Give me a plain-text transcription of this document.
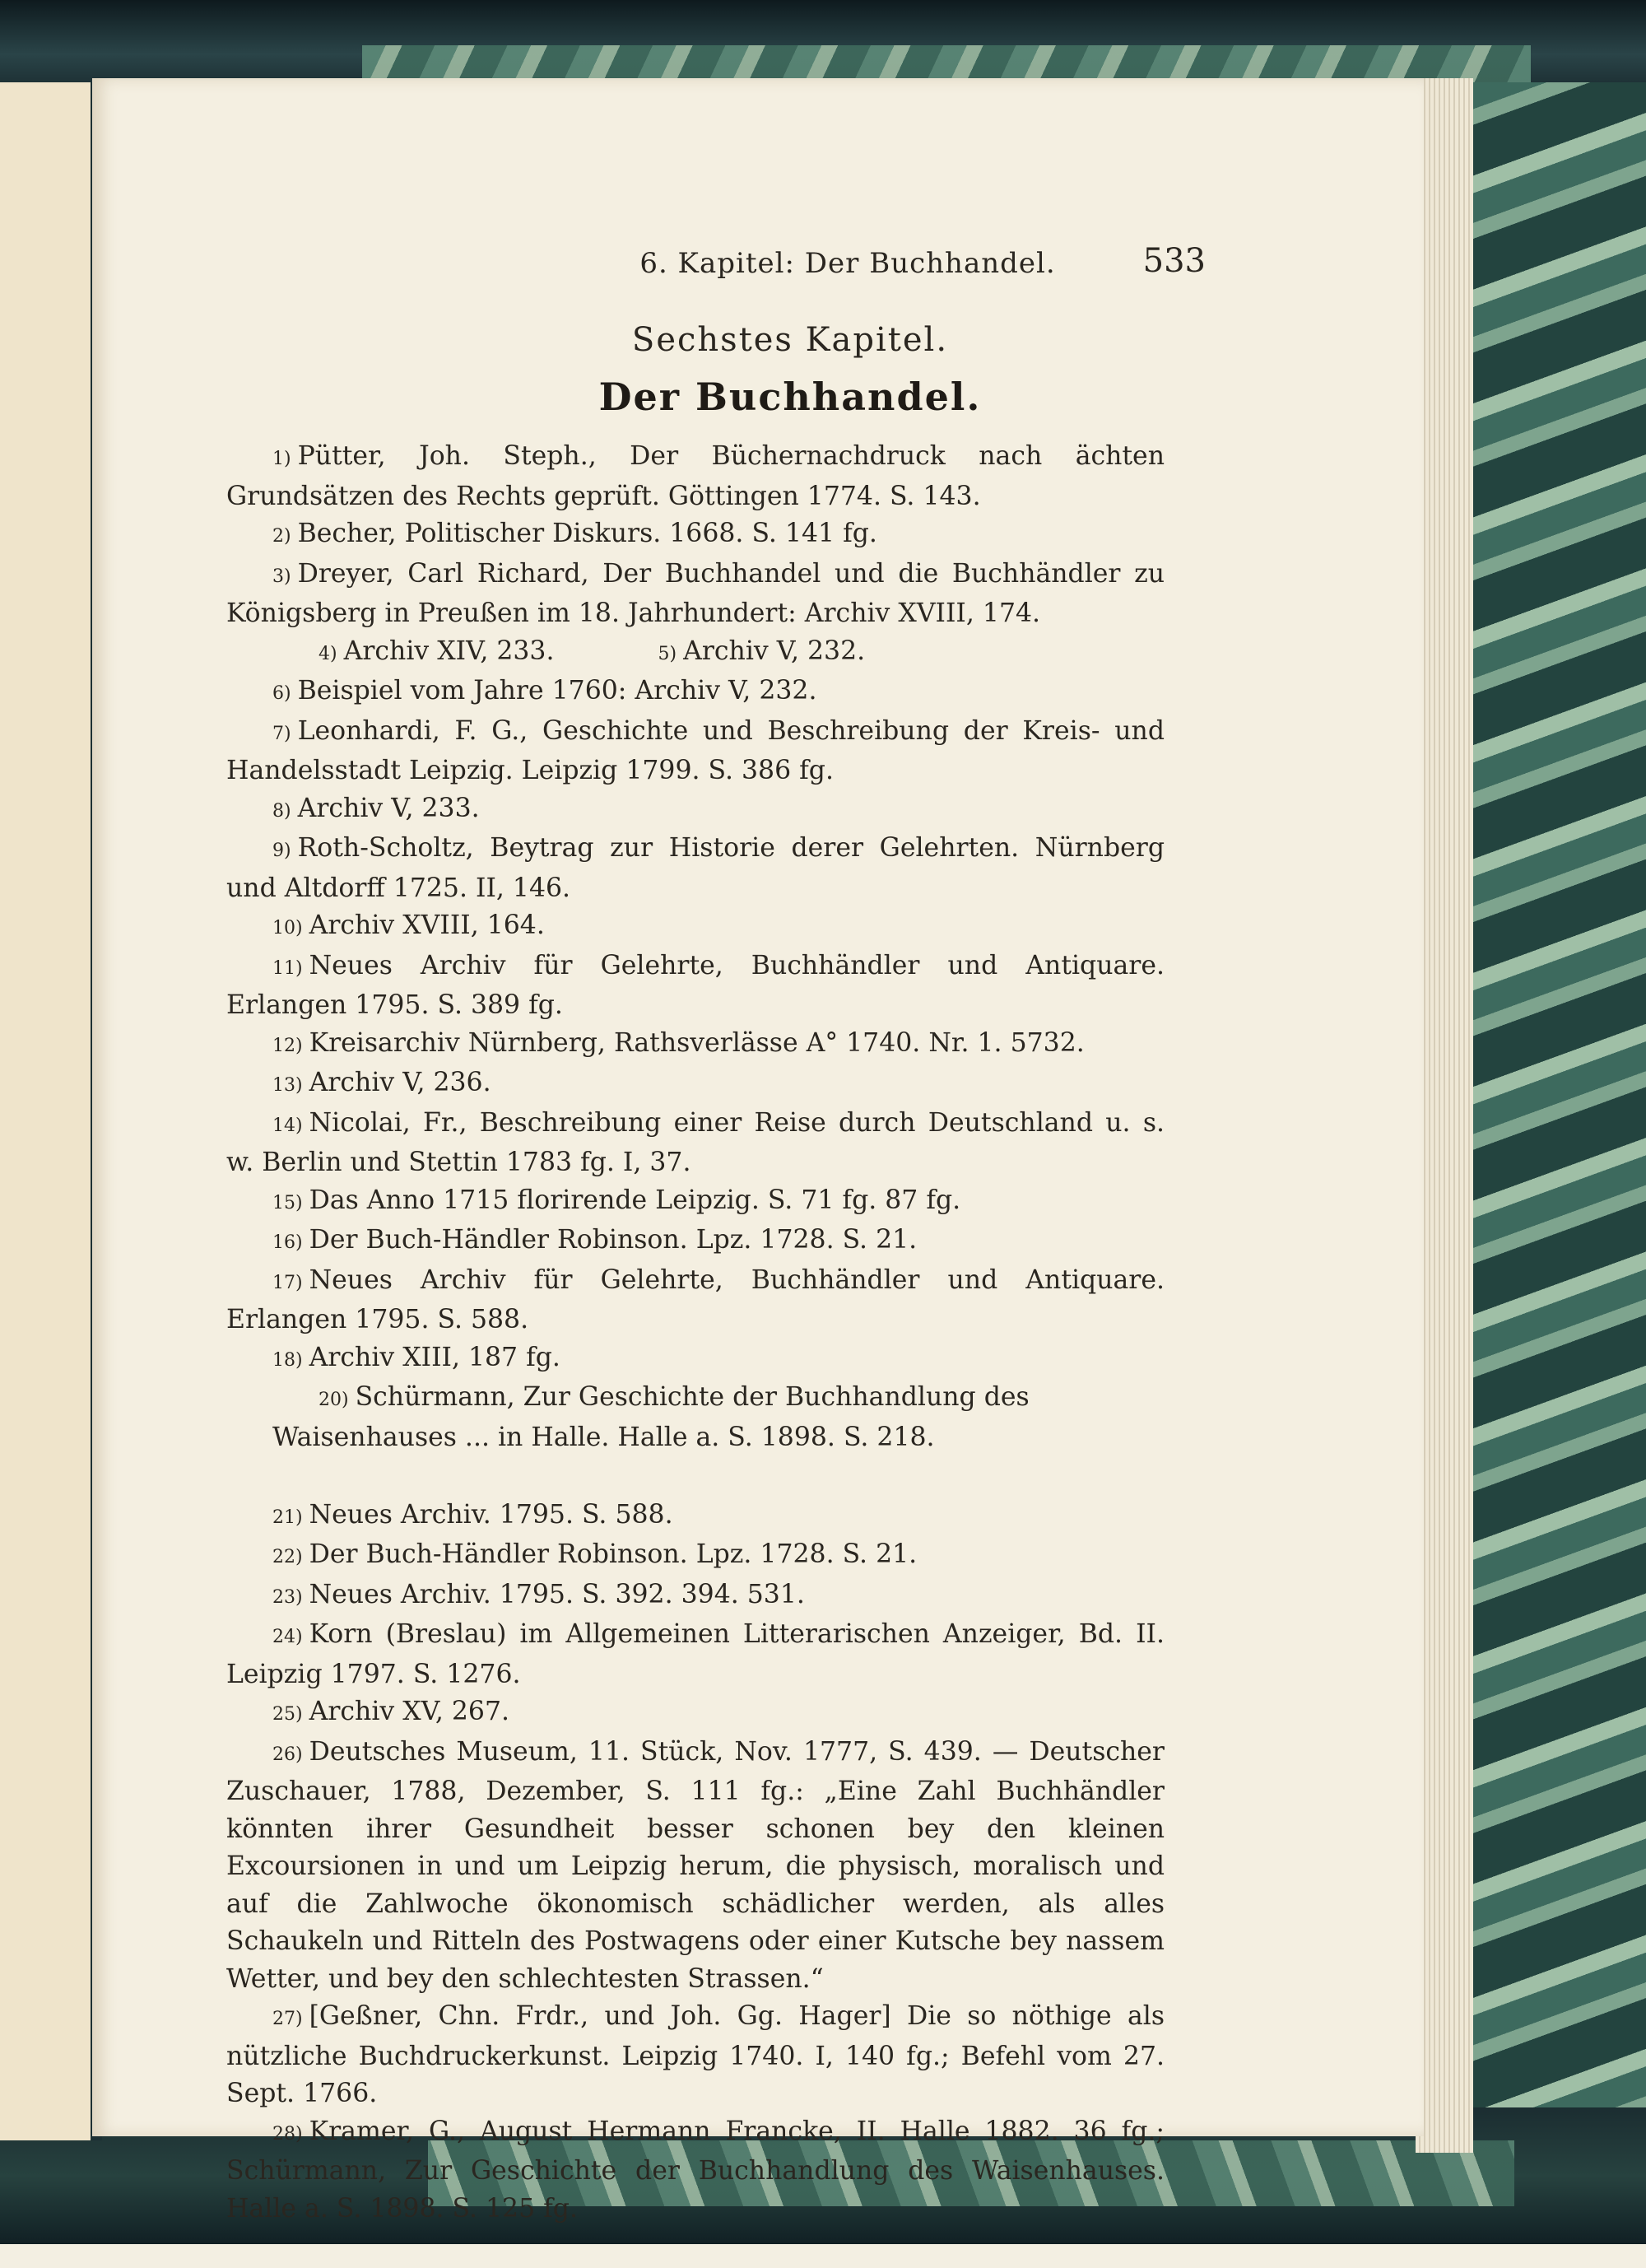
6. Kapitel: Der Buchhandel.	533
Sechstes Kapitel.
Der Buchhandel.
1) Pütter, Joh. Steph., Der Büchernachdruck nach ächten Grundsätzen des Rechts geprüft. Göttingen 1774. S. 143.
2) Becher, Politischer Diskurs. 1668. S. 141 fg.
3) Dreyer, Carl Richard, Der Buchhandel und die Buchhändler zu Königsberg in Preußen im 18. Jahrhundert: Archiv XVIII, 174.
4) Archiv XIV, 233.	5) Archiv V, 232.
6) Beispiel vom Jahre 1760: Archiv V, 232.
7) Leonhardi, F. G., Geschichte und Beschreibung der Kreis- und Handelsstadt Leipzig. Leipzig 1799. S. 386 fg.
8) Archiv V, 233.
9) Roth-Scholtz, Beytrag zur Historie derer Gelehrten. Nürnberg und Altdorff 1725. II, 146.
10) Archiv XVIII, 164.
11) Neues Archiv für Gelehrte, Buchhändler und Antiquare. Erlangen 1795. S. 389 fg.
12) Kreisarchiv Nürnberg, Rathsverlässe A° 1740. Nr. 1. 5732.
13) Archiv V, 236.
14) Nicolai, Fr., Beschreibung einer Reise durch Deutschland u. s. w. Berlin und Stettin 1783 fg. I, 37.
15) Das Anno 1715 florirende Leipzig. S. 71 fg. 87 fg.
16) Der Buch-Händler Robinson. Lpz. 1728. S. 21.
17) Neues Archiv für Gelehrte, Buchhändler und Antiquare. Erlangen 1795. S. 588.
18) Archiv XIII, 187 fg.
20) Schürmann, Zur Geschichte der Buchhandlung des Waisenhauses ... in Halle. Halle a. S. 1898. S. 218.
21) Neues Archiv. 1795. S. 588.
22) Der Buch-Händler Robinson. Lpz. 1728. S. 21.
23) Neues Archiv. 1795. S. 392. 394. 531.
24) Korn (Breslau) im Allgemeinen Litterarischen Anzeiger, Bd. II. Leipzig 1797. S. 1276.
25) Archiv XV, 267.
26) Deutsches Museum, 11. Stück, Nov. 1777, S. 439. — Deutscher Zuschauer, 1788, Dezember, S. 111 fg.: „Eine Zahl Buchhändler könnten ihrer Gesundheit besser schonen bey den kleinen Excoursionen in und um Leipzig herum, die physisch, moralisch und auf die Zahlwoche ökonomisch schädlicher werden, als alles Schaukeln und Ritteln des Postwagens oder einer Kutsche bey nassem Wetter, und bey den schlechtesten Strassen.“
27) [Geßner, Chn. Frdr., und Joh. Gg. Hager] Die so nöthige als nützliche Buchdruckerkunst. Leipzig 1740. I, 140 fg.; Befehl vom 27. Sept. 1766.
28) Kramer, G., August Hermann Francke, II. Halle 1882. 36 fg.; Schürmann, Zur Geschichte der Buchhandlung des Waisenhauses. Halle a. S. 1898. S. 125 fg.
